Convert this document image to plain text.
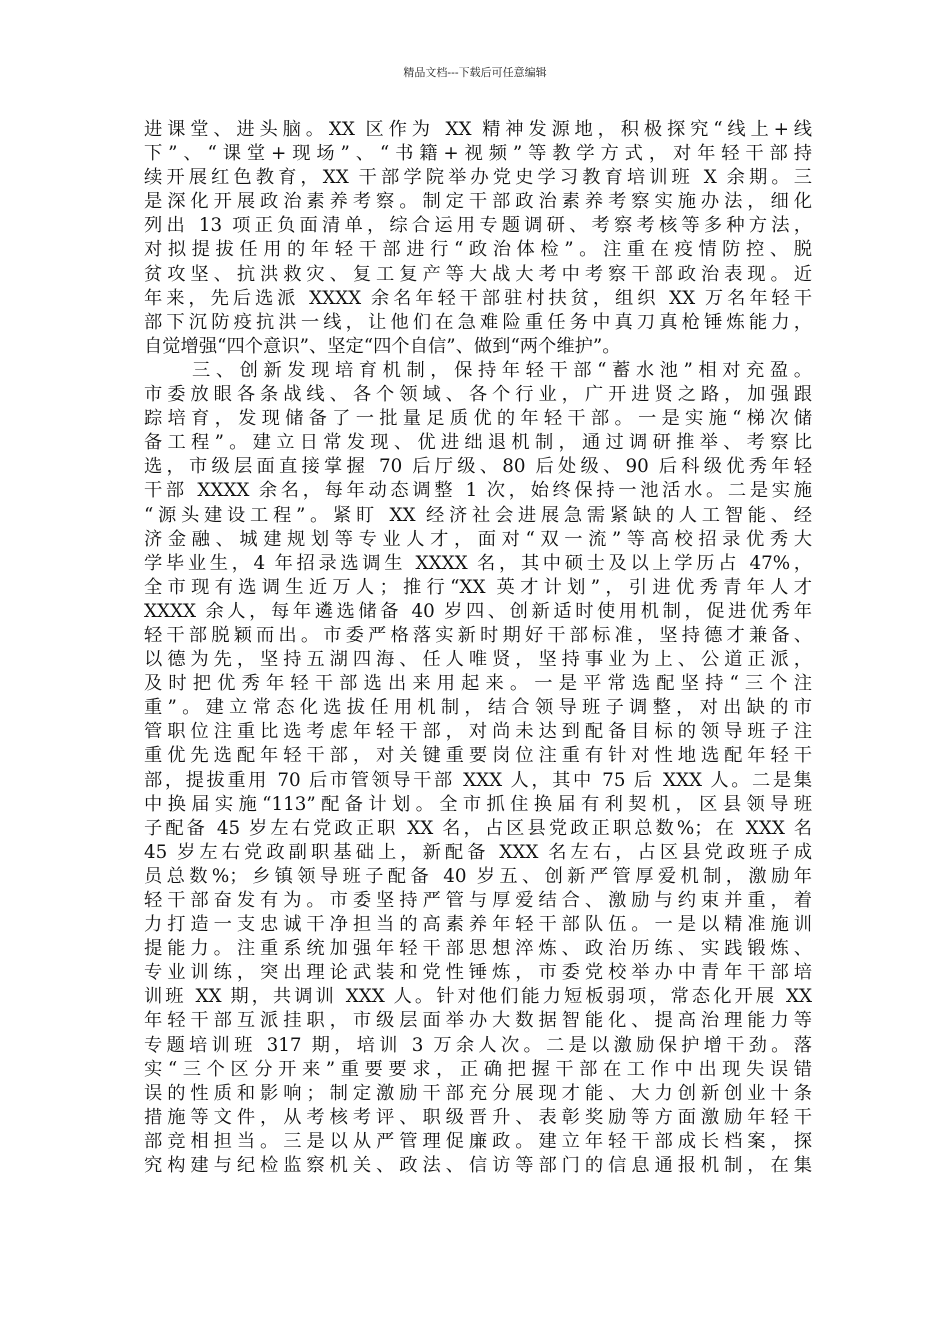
精品文档---下载后可任意编辑
进课堂、进头脑。XX 区作为 XX 精神发源地，积极探究“线上+线
下”、“课堂+现场”、“书籍+视频”等教学方式，对年轻干部持
续开展红色教育，XX 干部学院举办党史学习教育培训班 X 余期。三
是深化开展政治素养考察。制定干部政治素养考察实施办法，细化
列出 13 项正负面清单，综合运用专题调研、考察考核等多种方法，
对拟提拔任用的年轻干部进行“政治体检”。注重在疫情防控、脱
贫攻坚、抗洪救灾、复工复产等大战大考中考察干部政治表现。近
年来，先后选派 XXXX 余名年轻干部驻村扶贫，组织 XX 万名年轻干
部下沉防疫抗洪一线，让他们在急难险重任务中真刀真枪锤炼能力，
自觉增强“四个意识”、坚定“四个自信”、做到“两个维护”。
三、创新发现培育机制，保持年轻干部“蓄水池”相对充盈。
市委放眼各条战线、各个领域、各个行业，广开进贤之路，加强跟
踪培育，发现储备了一批量足质优的年轻干部。一是实施“梯次储
备工程”。建立日常发现、优进绌退机制，通过调研推举、考察比
选，市级层面直接掌握 70 后厅级、80 后处级、90 后科级优秀年轻
干部 XXXX 余名，每年动态调整 1 次，始终保持一池活水。二是实施
“源头建设工程”。紧盯 XX 经济社会进展急需紧缺的人工智能、经
济金融、城建规划等专业人才，面对“双一流”等高校招录优秀大
学毕业生，4 年招录选调生 XXXX 名，其中硕士及以上学历占 47%，
全市现有选调生近万人；推行“XX 英才计划”，引进优秀青年人才
XXXX 余人，每年遴选储备 40 岁四、创新适时使用机制，促进优秀年
轻干部脱颖而出。市委严格落实新时期好干部标准，坚持德才兼备、
以德为先，坚持五湖四海、任人唯贤，坚持事业为上、公道正派，
及时把优秀年轻干部选出来用起来。一是平常选配坚持“三个注
重”。建立常态化选拔任用机制，结合领导班子调整，对出缺的市
管职位注重比选考虑年轻干部，对尚未达到配备目标的领导班子注
重优先选配年轻干部，对关键重要岗位注重有针对性地选配年轻干
部，提拔重用 70 后市管领导干部 XXX 人，其中 75 后 XXX 人。二是集
中换届实施“113”配备计划。全市抓住换届有利契机，区县领导班
子配备 45 岁左右党政正职 XX 名，占区县党政正职总数%；在 XXX 名
45 岁左右党政副职基础上，新配备 XXX 名左右，占区县党政班子成
员总数%；乡镇领导班子配备 40 岁五、创新严管厚爱机制，激励年
轻干部奋发有为。市委坚持严管与厚爱结合、激励与约束并重，着
力打造一支忠诚干净担当的高素养年轻干部队伍。一是以精准施训
提能力。注重系统加强年轻干部思想淬炼、政治历练、实践锻炼、
专业训练，突出理论武装和党性锤炼，市委党校举办中青年干部培
训班 XX 期，共调训 XXX 人。针对他们能力短板弱项，常态化开展 XX
年轻干部互派挂职，市级层面举办大数据智能化、提高治理能力等
专题培训班 317 期，培训 3 万余人次。二是以激励保护增干劲。落
实“三个区分开来”重要要求，正确把握干部在工作中出现失误错
误的性质和影响；制定激励干部充分展现才能、大力创新创业十条
措施等文件，从考核考评、职级晋升、表彰奖励等方面激励年轻干
部竞相担当。三是以从严管理促廉政。建立年轻干部成长档案，探
究构建与纪检监察机关、政法、信访等部门的信息通报机制，在集
